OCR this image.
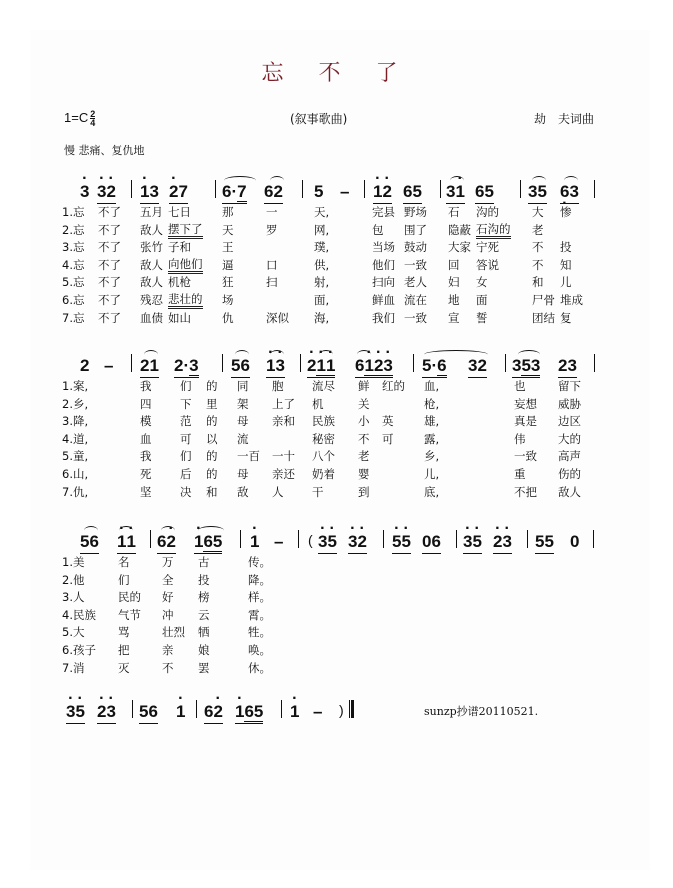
忘 不 了
$1=C \frac{2}{4}$	(叙事歌曲)	劫　夫词曲
慢 悲痛、复仇地
· 3 · 3· 2 · 13 · 27 6·7 62 5 – · 1· 2 65 3· 1 65 35 6 ·3
1.忘 不了 五月 七日	那	一	天,	完县 野场 石 沟的	大 惨
2.忘 不了 敌人 摆下了 天	罗	网,	包 围了 隐蔽 石沟的 老
3.忘 不了 张竹 子和	王	璞,	当场 鼓动 大家 宁死	不 投
4.忘 不了 敌人 向他们 逼	口	供,	他们 一致 回 答说	不 知
5.忘 不了 敌人 机枪	狂	扫	射,	扫向 老人 妇 女	和 儿
6.忘 不了 残忍 悲壮的 场	面,	鲜血 流在 地 面	尸骨 堆成
7.忘 不了 血债 如山	仇	深似 海,	我们 一致 宣 誓	团结 复
2 – 21 2·3 56 · 1· 3 · 2· 1· 1 6· 1· 2· 3 5·6 32 353 23
1.案,	我 们 的 同 胞 流尽 鲜 红的 血,	也	留下
2.乡,	四 下 里 架 上了 机	关	枪,	妄想 威胁
3.降,	模 范 的 母 亲和 民族 小 英	雄,	真是 边区
4.道,	血 可 以 流	秘密 不 可	露,	伟	大的
5.童,	我 们 的 一百 一十 八个 老	乡,	一致 高声
6.山,	死 后 的 母 亲还 奶着 婴	儿,	重	伤的
7.仇,	坚 决 和 敌 人 干	到	底,	不把 敌人
56 · 1· 1 6· 2 · 165 · 1 – ( · 3· 5 · 3· 2 · 5· 5 06 · 3· 5 · 2· 3 55 0
1.美	名	万 古	传。
2.他	们	全 投	降。
3.人	民的 好 榜	样。
4.民族 气节 冲 云	霄。
5.大	骂	壮烈 牺	牲。
6.孩子 把	亲 娘	唤。
7.消	灭	不 罢	休。
· 3· 5 · 2· 3 56 · 1 6· 2 · 165 · 1 – )	sunzp抄谱20110521.
